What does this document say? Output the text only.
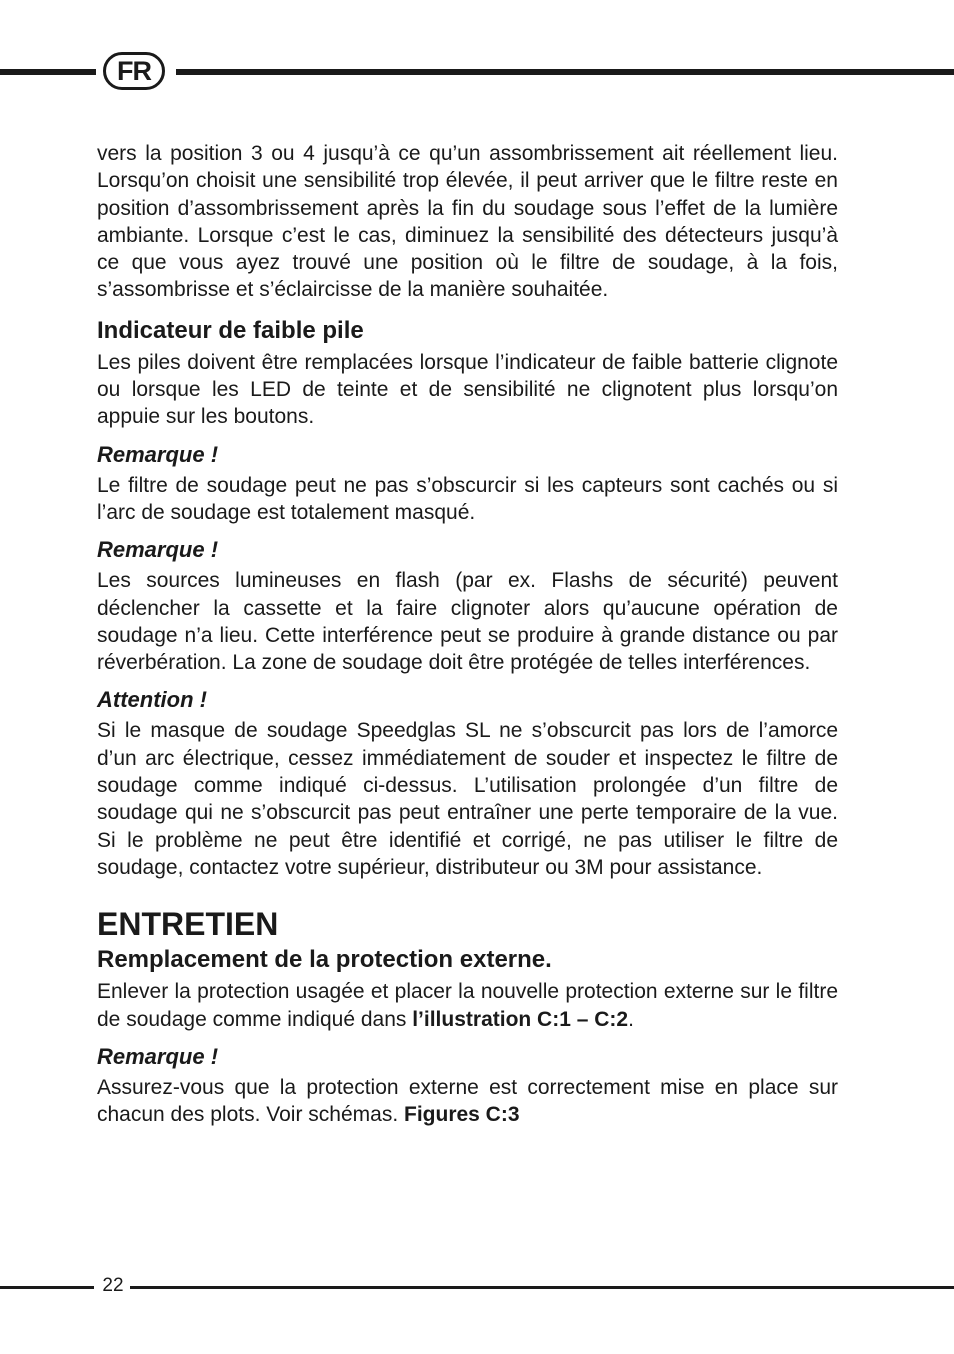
FR

vers la position 3 ou 4 jusqu’à ce qu’un assombrissement ait réellement lieu. Lorsqu’on choisit une sensibilité trop élevée, il peut arriver que le filtre reste en position d’assombrissement après la fin du soudage sous l’effet de la lumière ambiante. Lorsque c’est le cas, diminuez la sensibilité des détecteurs jusqu’à ce que vous ayez trouvé une position où le filtre de soudage, à la fois, s’assombrisse et s’éclaircisse de la manière souhaitée.

Indicateur de faible pile

Les piles doivent être remplacées lorsque l’indicateur de faible batterie clignote ou lorsque les LED de teinte et de sensibilité ne clignotent plus lorsqu’on appuie sur les boutons.

Remarque !

Le filtre de soudage peut ne pas s’obscurcir si les capteurs sont cachés ou si l’arc de soudage est totalement masqué.

Remarque !

Les sources lumineuses en flash (par ex. Flashs de sécurité) peuvent déclencher la cassette et la faire clignoter alors qu’aucune opération de soudage n’a lieu. Cette interférence peut se produire à grande distance ou par réverbération. La zone de soudage doit être protégée de telles interférences.

Attention !

Si le masque de soudage Speedglas SL ne s’obscurcit pas lors de l’amorce d’un arc électrique, cessez immédiatement de souder et inspectez le filtre de soudage comme indiqué ci-dessus. L’utilisation prolongée d’un filtre de soudage qui ne s’obscurcit pas peut entraîner une perte temporaire de la vue. Si le problème ne peut être identifié et corrigé, ne pas utiliser le filtre de soudage, contactez votre supérieur, distributeur ou 3M pour assistance.

ENTRETIEN
Remplacement de la protection externe.

Enlever la protection usagée et placer la nouvelle protection externe sur le filtre de soudage comme indiqué dans l’illustration C:1 – C:2.

Remarque !

Assurez-vous que la protection externe est correctement mise en place sur chacun des plots. Voir schémas. Figures C:3

22
